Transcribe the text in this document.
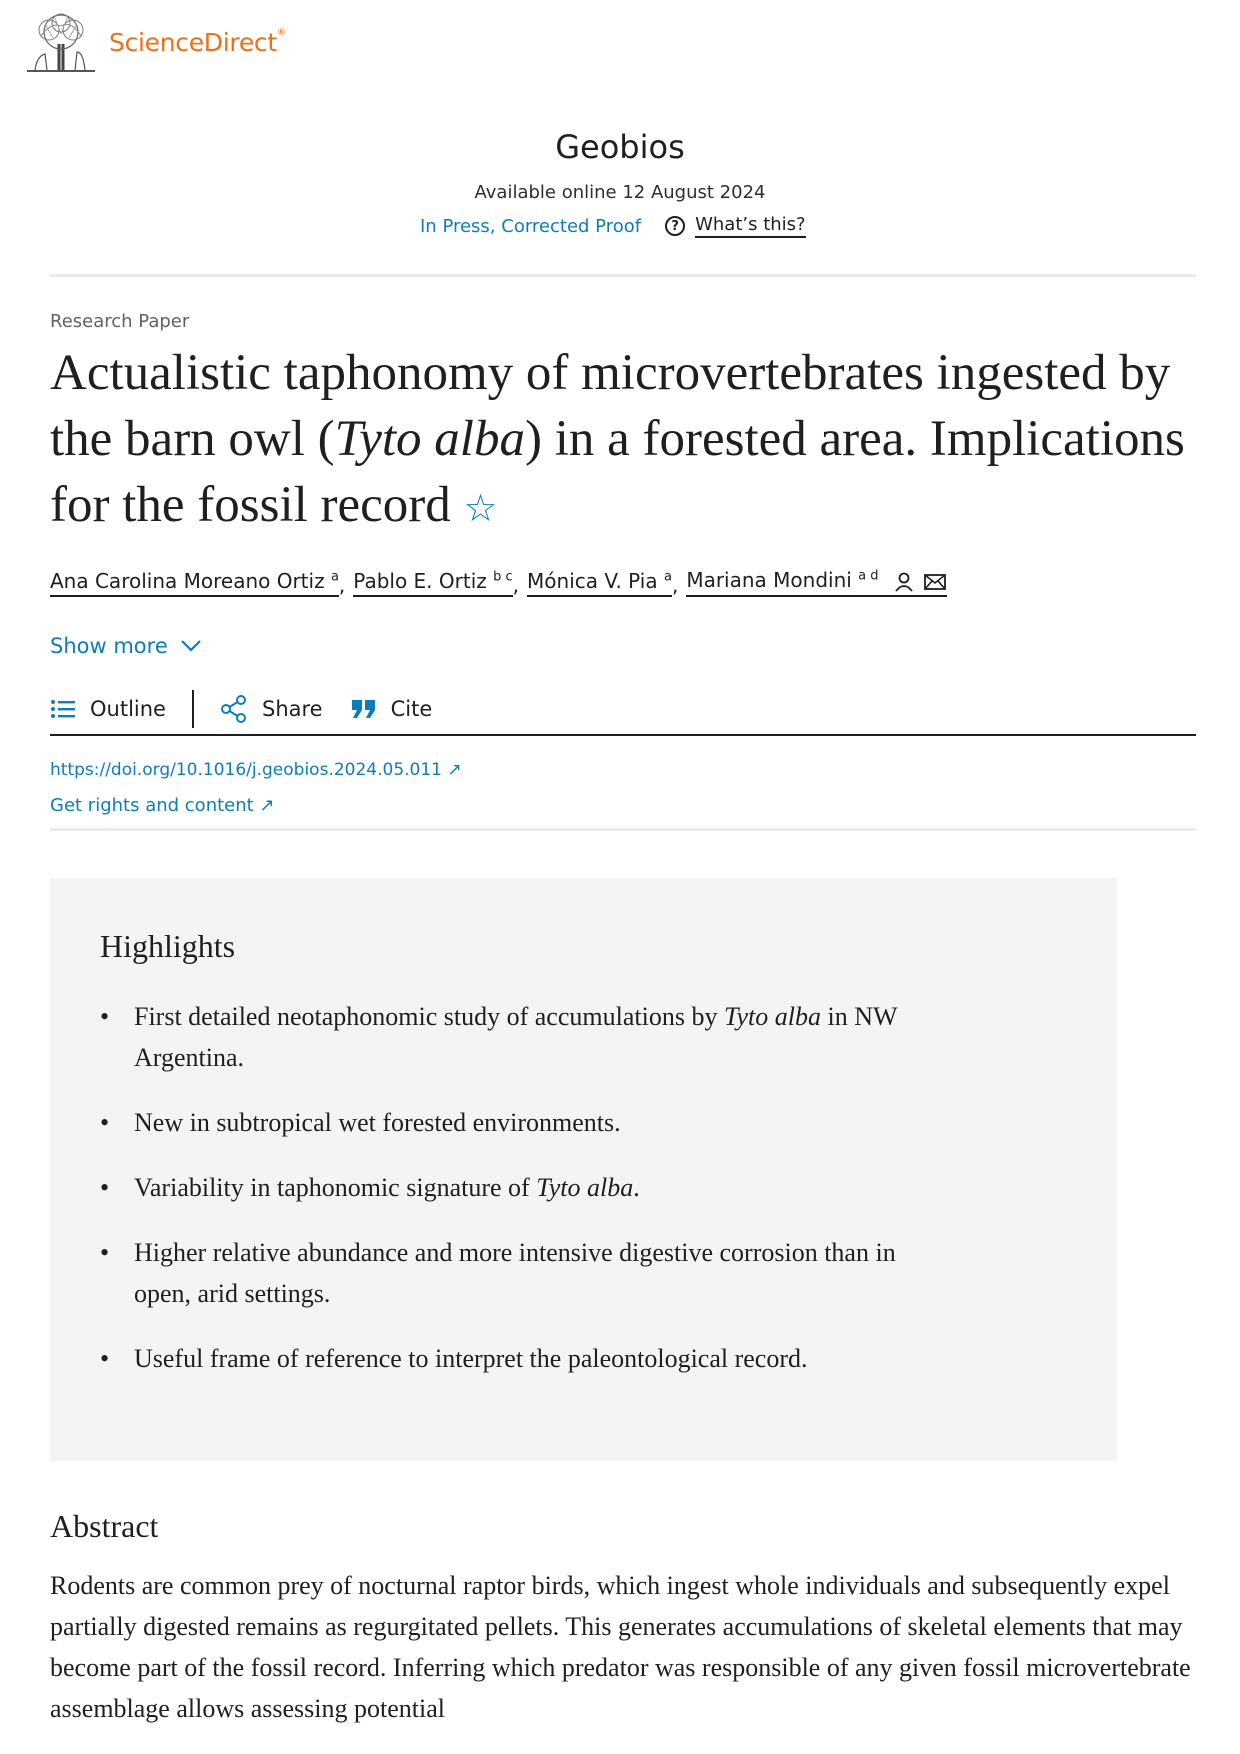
ScienceDirect®
Geobios
Available online 12 August 2024
In Press, Corrected Proof	? What’s this?
Research Paper
Actualistic taphonomy of microvertebrates ingested by the barn owl (Tyto alba) in a forested area. Implications for the fossil record ☆
Ana Carolina Moreano Ortiz $^a$ , Pablo E. Ortiz $^{b c}$ , Mónica V. Pia $^a$ , Mariana Mondini $^{a d}$
Show more
Outline	Share	Cite
https://doi.org/10.1016/j.geobios.2024.05.011 ↗
Get rights and content ↗
Highlights
• First detailed neotaphonomic study of accumulations by Tyto alba in NW Argentina.
• New in subtropical wet forested environments.
• Variability in taphonomic signature of Tyto alba.
• Higher relative abundance and more intensive digestive corrosion than in open, arid settings.
• Useful frame of reference to interpret the paleontological record.
Abstract
Rodents are common prey of nocturnal raptor birds, which ingest whole individuals and subsequently expel partially digested remains as regurgitated pellets. This generates accumulations of skeletal elements that may become part of the fossil record. Inferring which predator was responsible of any given fossil microvertebrate assemblage allows assessing potential
